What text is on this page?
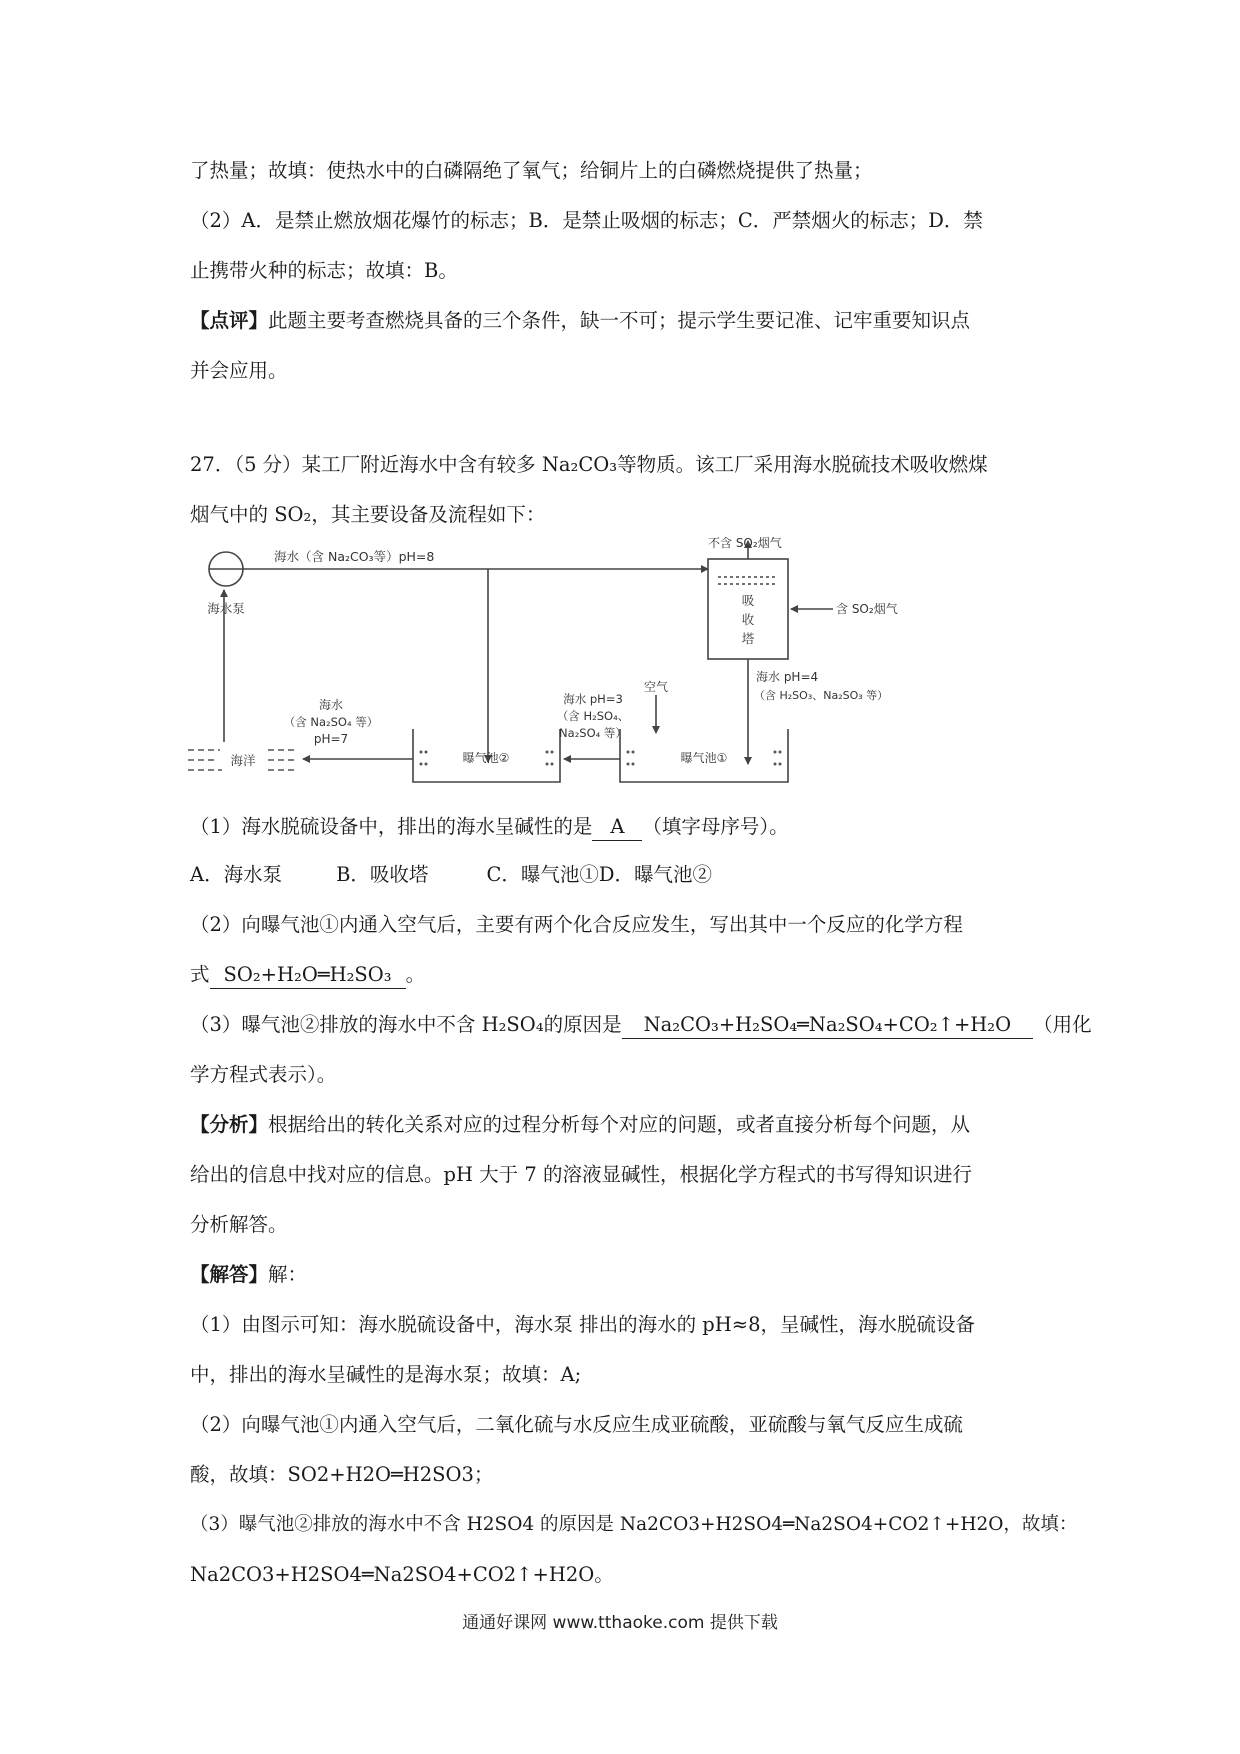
了热量；故填：使热水中的白磷隔绝了氧气；给铜片上的白磷燃烧提供了热量；
（2）A．是禁止燃放烟花爆竹的标志；B．是禁止吸烟的标志；C．严禁烟火的标志；D．禁
止携带火种的标志；故填：B。
【点评】此题主要考查燃烧具备的三个条件，缺一不可；提示学生要记准、记牢重要知识点
并会应用。
27．（5 分）某工厂附近海水中含有较多 Na₂CO₃等物质。该工厂采用海水脱硫技术吸收燃煤
烟气中的 SO₂，其主要设备及流程如下：
海水泵
海水（含 Na₂CO₃等）pH=8
吸
收
塔
不含 SO₂烟气
含 SO₂烟气
海水 pH=4
（含 H₂SO₃、Na₂SO₃ 等）
空气
曝气池①
曝气池②
海水 pH=3
（含 H₂SO₄、
Na₂SO₄ 等）
海水
（含 Na₂SO₄ 等）
pH=7
海洋
（1）海水脱硫设备中，排出的海水呈碱性的是 A （填字母序号）。
A．海水泵	B．吸收塔	C．曝气池①D．曝气池②
（2）向曝气池①内通入空气后，主要有两个化合反应发生，写出其中一个反应的化学方程
式 SO₂+H₂O═H₂SO₃ 。
（3）曝气池②排放的海水中不含 H₂SO₄的原因是 Na₂CO₃+H₂SO₄═Na₂SO₄+CO₂↑+H₂O （用化
学方程式表示）。
【分析】根据给出的转化关系对应的过程分析每个对应的问题，或者直接分析每个问题，从
给出的信息中找对应的信息。pH 大于 7 的溶液显碱性，根据化学方程式的书写得知识进行
分析解答。
【解答】解：
（1）由图示可知：海水脱硫设备中，海水泵 排出的海水的 pH≈8，呈碱性，海水脱硫设备
中，排出的海水呈碱性的是海水泵；故填：A;
（2）向曝气池①内通入空气后，二氧化硫与水反应生成亚硫酸，亚硫酸与氧气反应生成硫
酸，故填：SO2+H2O═H2SO3；
（3）曝气池②排放的海水中不含 H2SO4 的原因是 Na2CO3+H2SO4═Na2SO4+CO2↑+H2O，故填：
Na2CO3+H2SO4═Na2SO4+CO2↑+H2O。
通通好课网 www.tthaoke.com 提供下载
